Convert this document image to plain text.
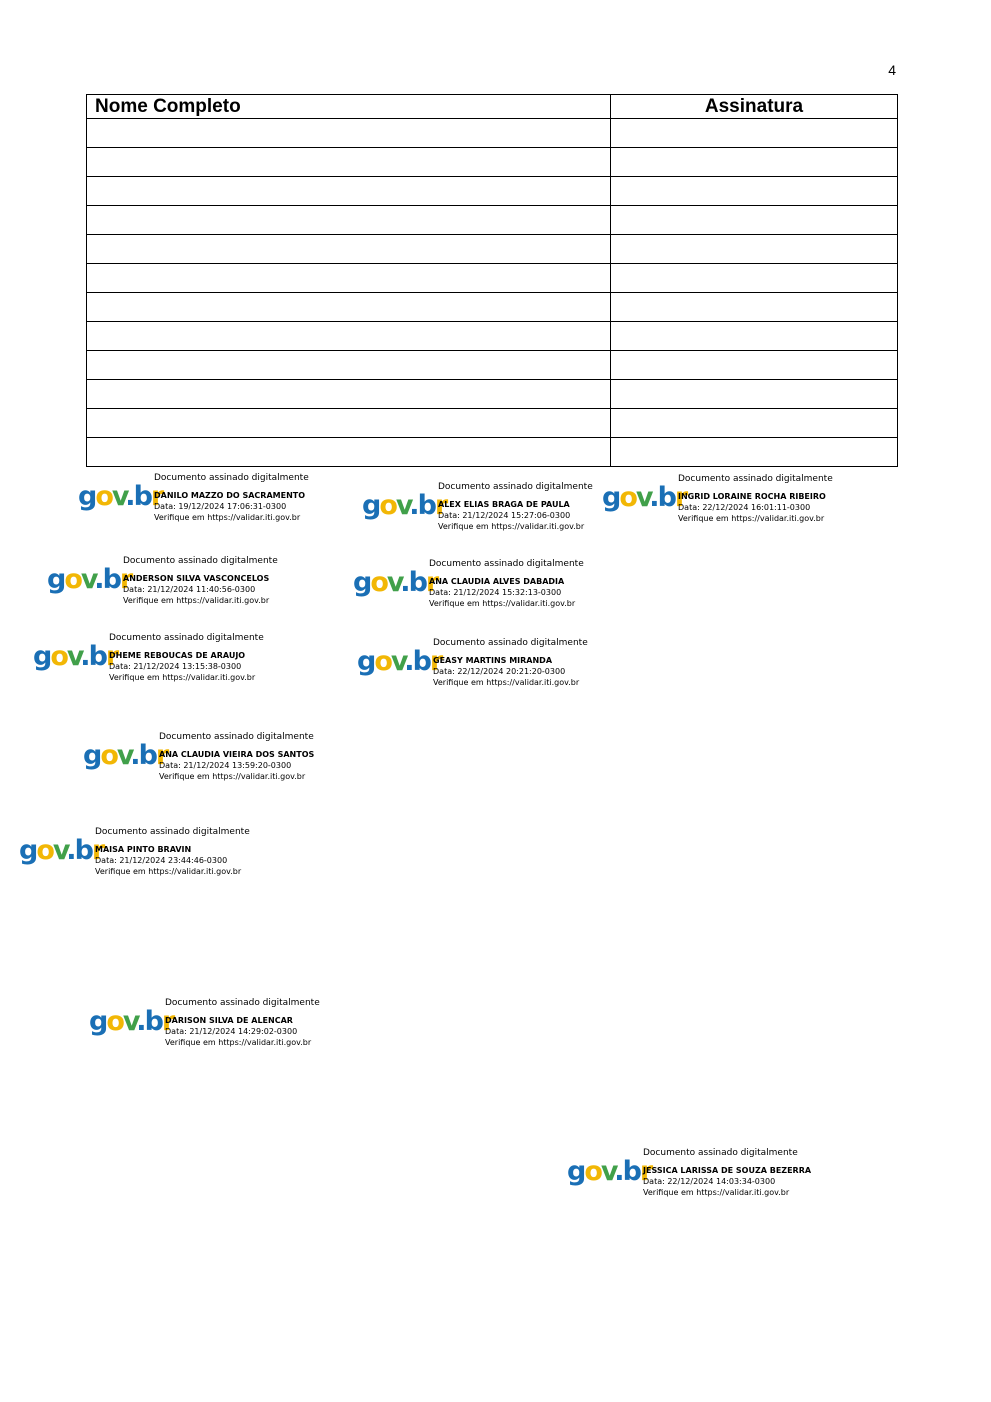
4
Nome Completo	Assinatura

gov.br
Documento assinado digitalmente
DANILO MAZZO DO SACRAMENTO
Data: 19/12/2024 17:06:31-0300
Verifique em https://validar.iti.gov.br	gov.br
Documento assinado digitalmente
ALEX ELIAS BRAGA DE PAULA
Data: 21/12/2024 15:27:06-0300
Verifique em https://validar.iti.gov.br
gov.br
Documento assinado digitalmente
INGRID LORAINE ROCHA RIBEIRO
Data: 22/12/2024 16:01:11-0300
Verifique em https://validar.iti.gov.br
gov.br
Documento assinado digitalmente
ANDERSON SILVA VASCONCELOS
Data: 21/12/2024 11:40:56-0300
Verifique em https://validar.iti.gov.br
gov.br
Documento assinado digitalmente
ANA CLAUDIA ALVES DABADIA
Data: 21/12/2024 15:32:13-0300
Verifique em https://validar.iti.gov.br
gov.br
Documento assinado digitalmente
DHEME REBOUCAS DE ARAUJO
Data: 21/12/2024 13:15:38-0300
Verifique em https://validar.iti.gov.br
gov.br
Documento assinado digitalmente
GEASY MARTINS MIRANDA
Data: 22/12/2024 20:21:20-0300
Verifique em https://validar.iti.gov.br
gov.br
Documento assinado digitalmente
ANA CLAUDIA VIEIRA DOS SANTOS
Data: 21/12/2024 13:59:20-0300
Verifique em https://validar.iti.gov.br
gov.br
Documento assinado digitalmente
MAISA PINTO BRAVIN
Data: 21/12/2024 23:44:46-0300
Verifique em https://validar.iti.gov.br
gov.br
Documento assinado digitalmente
DARISON SILVA DE ALENCAR
Data: 21/12/2024 14:29:02-0300
Verifique em https://validar.iti.gov.br
gov.br
Documento assinado digitalmente
JESSICA LARISSA DE SOUZA BEZERRA
Data: 22/12/2024 14:03:34-0300
Verifique em https://validar.iti.gov.br
